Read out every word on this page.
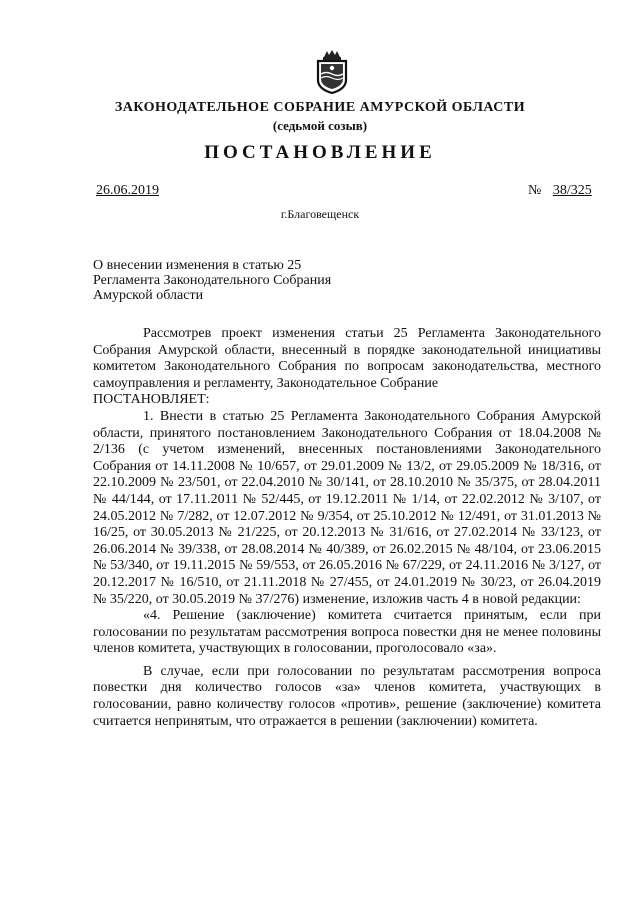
ЗАКОНОДАТЕЛЬНОЕ СОБРАНИЕ АМУРСКОЙ ОБЛАСТИ
(седьмой созыв)
ПОСТАНОВЛЕНИЕ
26.06.2019	№ 38/325
г.Благовещенск
О внесении изменения в статью 25 Регламента Законодательного Собрания Амурской области

Рассмотрев проект изменения статьи 25 Регламента Законодательного Собрания Амурской области, внесенный в порядке законодательной инициативы комитетом Законодательного Собрания по вопросам законодательства, местного самоуправления и регламенту, Законодательное Собрание

ПОСТАНОВЛЯЕТ:

1. Внести в статью 25 Регламента Законодательного Собрания Амурской области, принятого постановлением Законодательного Собрания от 18.04.2008 № 2/136 (с учетом изменений, внесенных постановлениями Законодательного Собрания от 14.11.2008 № 10/657, от 29.01.2009 № 13/2, от 29.05.2009 № 18/316, от 22.10.2009 № 23/501, от 22.04.2010 № 30/141, от 28.10.2010 № 35/375, от 28.04.2011 № 44/144, от 17.11.2011 № 52/445, от 19.12.2011 № 1/14, от 22.02.2012 № 3/107, от 24.05.2012 № 7/282, от 12.07.2012 № 9/354, от 25.10.2012 № 12/491, от 31.01.2013 № 16/25, от 30.05.2013 № 21/225, от 20.12.2013 № 31/616, от 27.02.2014 № 33/123, от 26.06.2014 № 39/338, от 28.08.2014 № 40/389, от 26.02.2015 № 48/104, от 23.06.2015 № 53/340, от 19.11.2015 № 59/553, от 26.05.2016 № 67/229, от 24.11.2016 № 3/127, от 20.12.2017 № 16/510, от 21.11.2018 № 27/455, от 24.01.2019 № 30/23, от 26.04.2019 № 35/220, от 30.05.2019 № 37/276) изменение, изложив часть 4 в новой редакции:

«4. Решение (заключение) комитета считается принятым, если при голосовании по результатам рассмотрения вопроса повестки дня не менее половины членов комитета, участвующих в голосовании, проголосовало «за».

В случае, если при голосовании по результатам рассмотрения вопроса повестки дня количество голосов «за» членов комитета, участвующих в голосовании, равно количеству голосов «против», решение (заключение) комитета считается непринятым, что отражается в решении (заключении) комитета.
